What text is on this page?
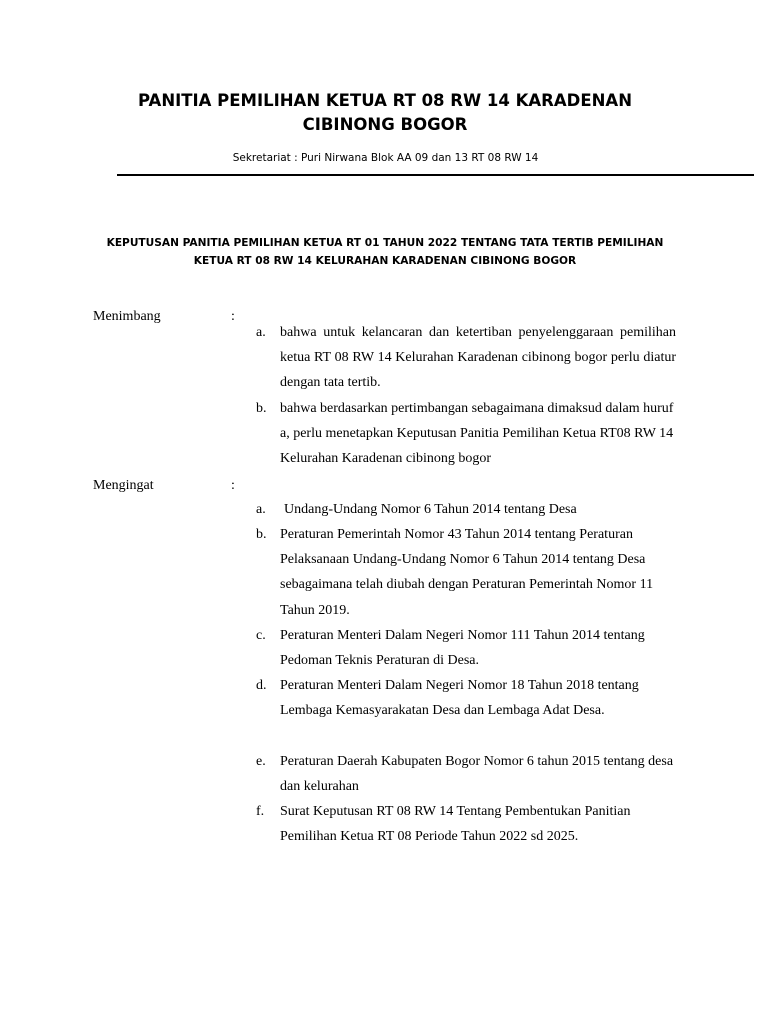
PANITIA PEMILIHAN KETUA RT 08 RW 14 KARADENAN CIBINONG BOGOR
Sekretariat : Puri Nirwana Blok AA 09 dan 13 RT 08 RW 14
KEPUTUSAN PANITIA PEMILIHAN KETUA RT 01 TAHUN 2022 TENTANG TATA TERTIB PEMILIHAN KETUA RT 08 RW 14 KELURAHAN KARADENAN CIBINONG BOGOR
Menimbang	:
a. bahwa untuk kelancaran dan ketertiban penyelenggaraan pemilihan ketua RT 08 RW 14 Kelurahan Karadenan cibinong bogor perlu diatur dengan tata tertib.
b. bahwa berdasarkan pertimbangan sebagaimana dimaksud dalam huruf a, perlu menetapkan Keputusan Panitia Pemilihan Ketua RT08 RW 14 Kelurahan Karadenan cibinong bogor
Mengingat	:
a. Undang-Undang Nomor 6 Tahun 2014 tentang Desa
b. Peraturan Pemerintah Nomor 43 Tahun 2014 tentang Peraturan Pelaksanaan Undang-Undang Nomor 6 Tahun 2014 tentang Desa sebagaimana telah diubah dengan Peraturan Pemerintah Nomor 11 Tahun 2019.
c. Peraturan Menteri Dalam Negeri Nomor 111 Tahun 2014 tentang Pedoman Teknis Peraturan di Desa.
d. Peraturan Menteri Dalam Negeri Nomor 18 Tahun 2018 tentang Lembaga Kemasyarakatan Desa dan Lembaga Adat Desa.
e. Peraturan Daerah Kabupaten Bogor Nomor 6 tahun 2015 tentang desa dan kelurahan
f. Surat Keputusan RT 08 RW 14 Tentang Pembentukan Panitian Pemilihan Ketua RT 08 Periode Tahun 2022 sd 2025.
